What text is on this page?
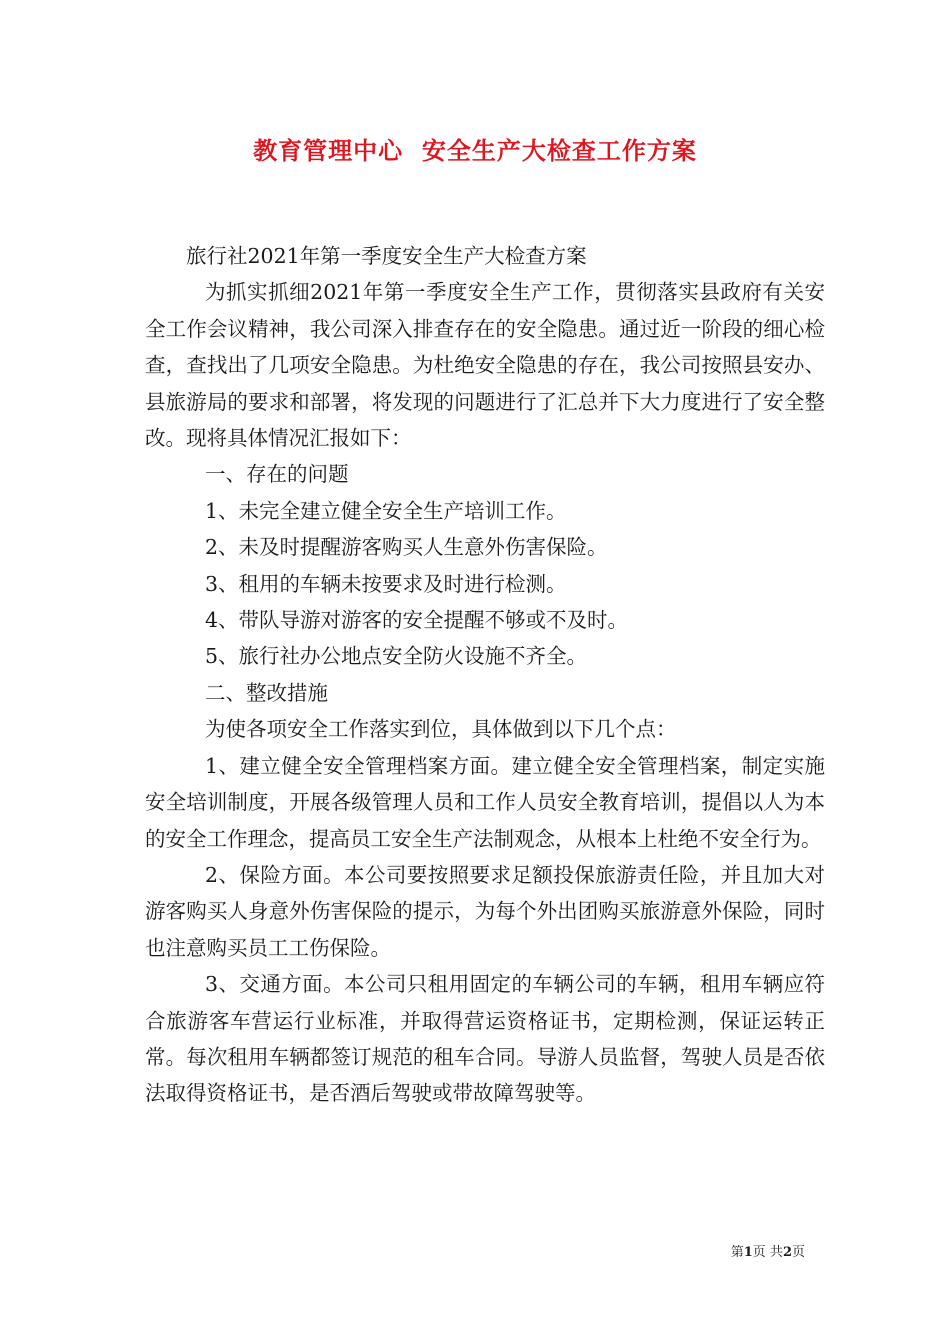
教育管理中心  安全生产大检查工作方案

旅行社2021年第一季度安全生产大检查方案

为抓实抓细2021年第一季度安全生产工作，贯彻落实县政府有关安全工作会议精神，我公司深入排查存在的安全隐患。通过近一阶段的细心检查，查找出了几项安全隐患。为杜绝安全隐患的存在，我公司按照县安办、县旅游局的要求和部署，将发现的问题进行了汇总并下大力度进行了安全整改。现将具体情况汇报如下：

一、存在的问题

1、未完全建立健全安全生产培训工作。

2、未及时提醒游客购买人生意外伤害保险。

3、租用的车辆未按要求及时进行检测。

4、带队导游对游客的安全提醒不够或不及时。

5、旅行社办公地点安全防火设施不齐全。

二、整改措施

为使各项安全工作落实到位，具体做到以下几个点：

1、建立健全安全管理档案方面。建立健全安全管理档案，制定实施安全培训制度，开展各级管理人员和工作人员安全教育培训，提倡以人为本的安全工作理念，提高员工安全生产法制观念，从根本上杜绝不安全行为。

2、保险方面。本公司要按照要求足额投保旅游责任险，并且加大对游客购买人身意外伤害保险的提示，为每个外出团购买旅游意外保险，同时也注意购买员工工伤保险。

3、交通方面。本公司只租用固定的车辆公司的车辆，租用车辆应符合旅游客车营运行业标准，并取得营运资格证书，定期检测，保证运转正常。每次租用车辆都签订规范的租车合同。导游人员监督，驾驶人员是否依法取得资格证书，是否酒后驾驶或带故障驾驶等。

第1页 共2页
